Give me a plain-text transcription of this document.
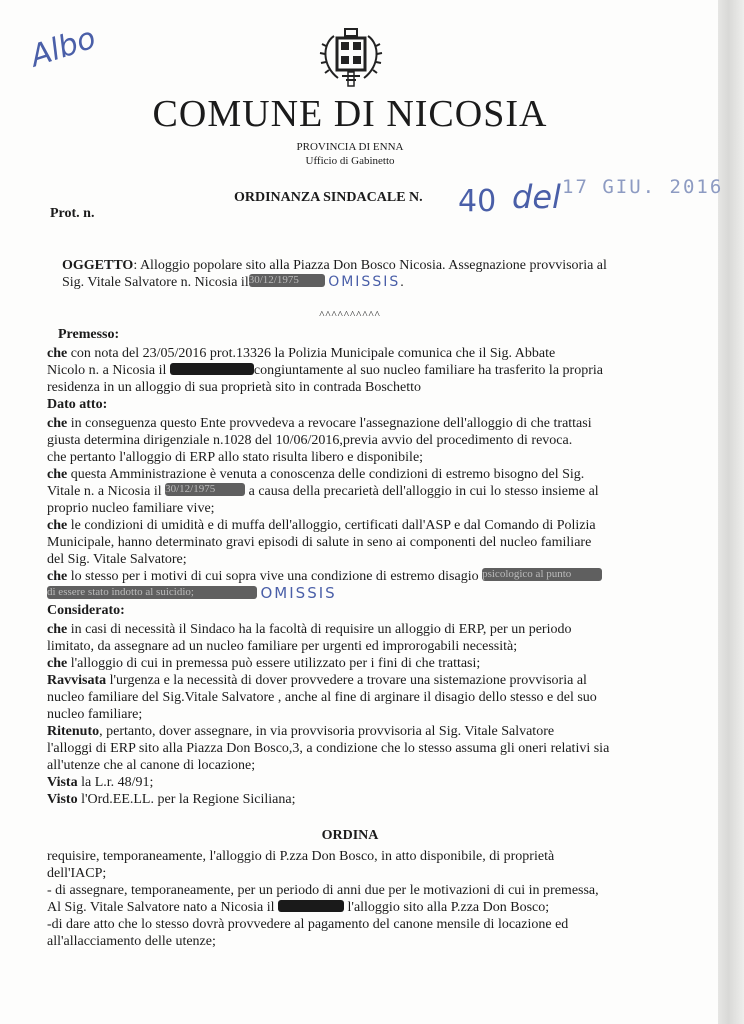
Albo
COMUNE DI NICOSIA
PROVINCIA DI ENNA
Ufficio di Gabinetto
ORDINANZA SINDACALE N. 40 del 17 GIU. 2016
Prot. n.
OGGETTO: Alloggio popolare sito alla Piazza Don Bosco Nicosia. Assegnazione provvisoria al
Sig. Vitale Salvatore n. Nicosia il30/12/1975 OMISSIS.
^^^^^^^^^^
Premesso:
che con nota del 23/05/2016 prot.13326 la Polizia Municipale comunica che il Sig. Abbate
Nicolo n. a Nicosia il	congiuntamente al suo nucleo familiare ha trasferito la propria
residenza in un alloggio di sua proprietà sito in contrada Boschetto
Dato atto:
che in conseguenza questo Ente provvedeva a revocare l'assegnazione dell'alloggio di che trattasi
giusta determina dirigenziale n.1028 del 10/06/2016,previa avvio del procedimento di revoca.
che pertanto l'alloggio di ERP allo stato risulta libero e disponibile;
che questa Amministrazione è venuta a conoscenza delle condizioni di estremo bisogno del Sig.
Vitale n. a Nicosia il 30/12/1975 a causa della precarietà dell'alloggio in cui lo stesso insieme al
proprio nucleo familiare vive;
che le condizioni di umidità e di muffa dell'alloggio, certificati dall'ASP e dal Comando di Polizia
Municipale, hanno determinato gravi episodi di salute in seno ai componenti del nucleo familiare
del Sig. Vitale Salvatore;
che lo stesso per i motivi di cui sopra vive una condizione di estremo disagio psicologico al punto
di essere stato indotto al suicidio;	OMISSIS
Considerato:
che in casi di necessità il Sindaco ha la facoltà di requisire un alloggio di ERP, per un periodo
limitato, da assegnare ad un nucleo familiare per urgenti ed improrogabili necessità;
che l'alloggio di cui in premessa può essere utilizzato per i fini di che trattasi;
Ravvisata l'urgenza e la necessità di dover provvedere a trovare una sistemazione provvisoria al
nucleo familiare del Sig.Vitale Salvatore , anche al fine di arginare il disagio dello stesso e del suo
nucleo familiare;
Ritenuto, pertanto, dover assegnare, in via provvisoria provvisoria al Sig. Vitale Salvatore
l'alloggi di ERP sito alla Piazza Don Bosco,3, a condizione che lo stesso assuma gli oneri relativi sia
all'utenze che al canone di locazione;
Vista la L.r. 48/91;
Visto l'Ord.EE.LL. per la Regione Siciliana;
ORDINA
requisire, temporaneamente, l'alloggio di P.zza Don Bosco, in atto disponibile, di proprietà
dell'IACP;
- di assegnare, temporaneamente, per un periodo di anni due per le motivazioni di cui in premessa,
Al Sig. Vitale Salvatore nato a Nicosia il	l'alloggio sito alla P.zza Don Bosco;
-di dare atto che lo stesso dovrà provvedere al pagamento del canone mensile di locazione ed
all'allacciamento delle utenze;
